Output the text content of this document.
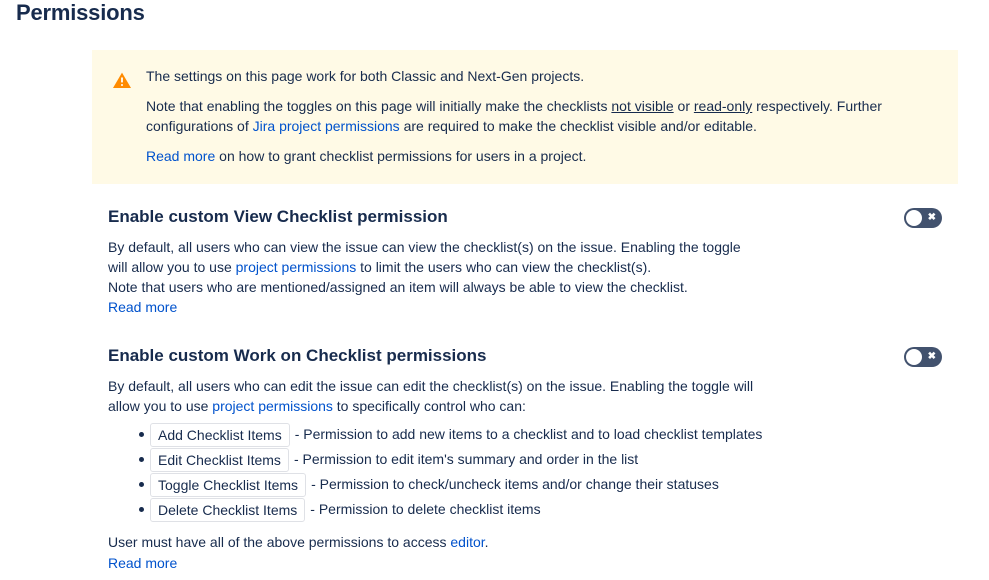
Permissions

The settings on this page work for both Classic and Next-Gen projects.

Note that enabling the toggles on this page will initially make the checklists not visible or read-only respectively. Further

configurations of Jira project permissions are required to make the checklist visible and/or editable.

Read more on how to grant checklist permissions for users in a project.

Enable custom View Checklist permission	✖
By default, all users who can view the issue can view the checklist(s) on the issue. Enabling the toggle
will allow you to use project permissions to limit the users who can view the checklist(s).
Note that users who are mentioned/assigned an item will always be able to view the checklist.
Read more
Enable custom Work on Checklist permissions	✖
By default, all users who can edit the issue can edit the checklist(s) on the issue. Enabling the toggle will
allow you to use project permissions to specifically control who can:
Add Checklist Items - Permission to add new items to a checklist and to load checklist templates
Edit Checklist Items - Permission to edit item's summary and order in the list
Toggle Checklist Items - Permission to check/uncheck items and/or change their statuses
Delete Checklist Items - Permission to delete checklist items
User must have all of the above permissions to access editor.
Read more
